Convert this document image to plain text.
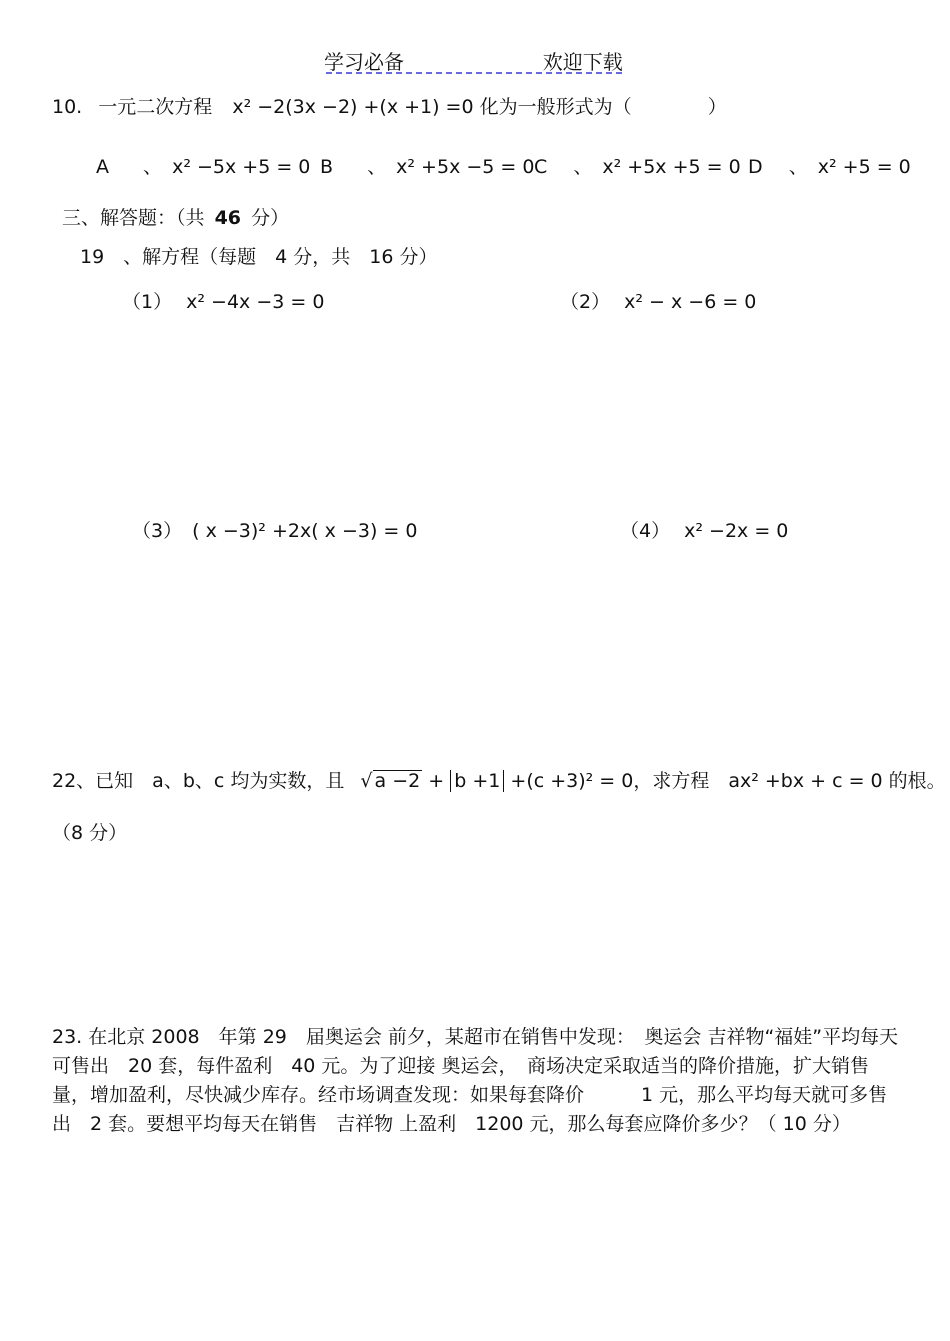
学习必备	欢迎下载
10. 一元二次方程 x² −2(3x −2) +(x +1) =0 化为一般形式为（	）
A 、 x² −5x +5 = 0 B 、 x² +5x −5 = 0 C 、 x² +5x +5 = 0 D 、 x² +5 = 0
三、解答题：（共 46 分）
19　、解方程（每题　4 分，共　16 分）
（1） x² −4x −3 = 0	（2） x² − x −6 = 0
（3） ( x −3)² +2x( x −3) = 0	（4） x² −2x = 0
22、已知　a、b、c 均为实数，且 √ a −2 + b +1 +(c +3)² = 0，求方程　ax² +bx + c = 0 的根。
（8 分）
23. 在北京 2008　年第 29　届奥运会 前夕，某超市在销售中发现：　奥运会 吉祥物“福娃”平均每天可售出　20 套，每件盈利　40 元。为了迎接 奥运会，　商场决定采取适当的降价措施，扩大销售量，增加盈利，尽快减少库存。经市场调查发现：如果每套降价　　　1 元，那么平均每天就可多售出　2 套。要想平均每天在销售　吉祥物 上盈利　1200 元，那么每套应降价多少？（ 10 分）
